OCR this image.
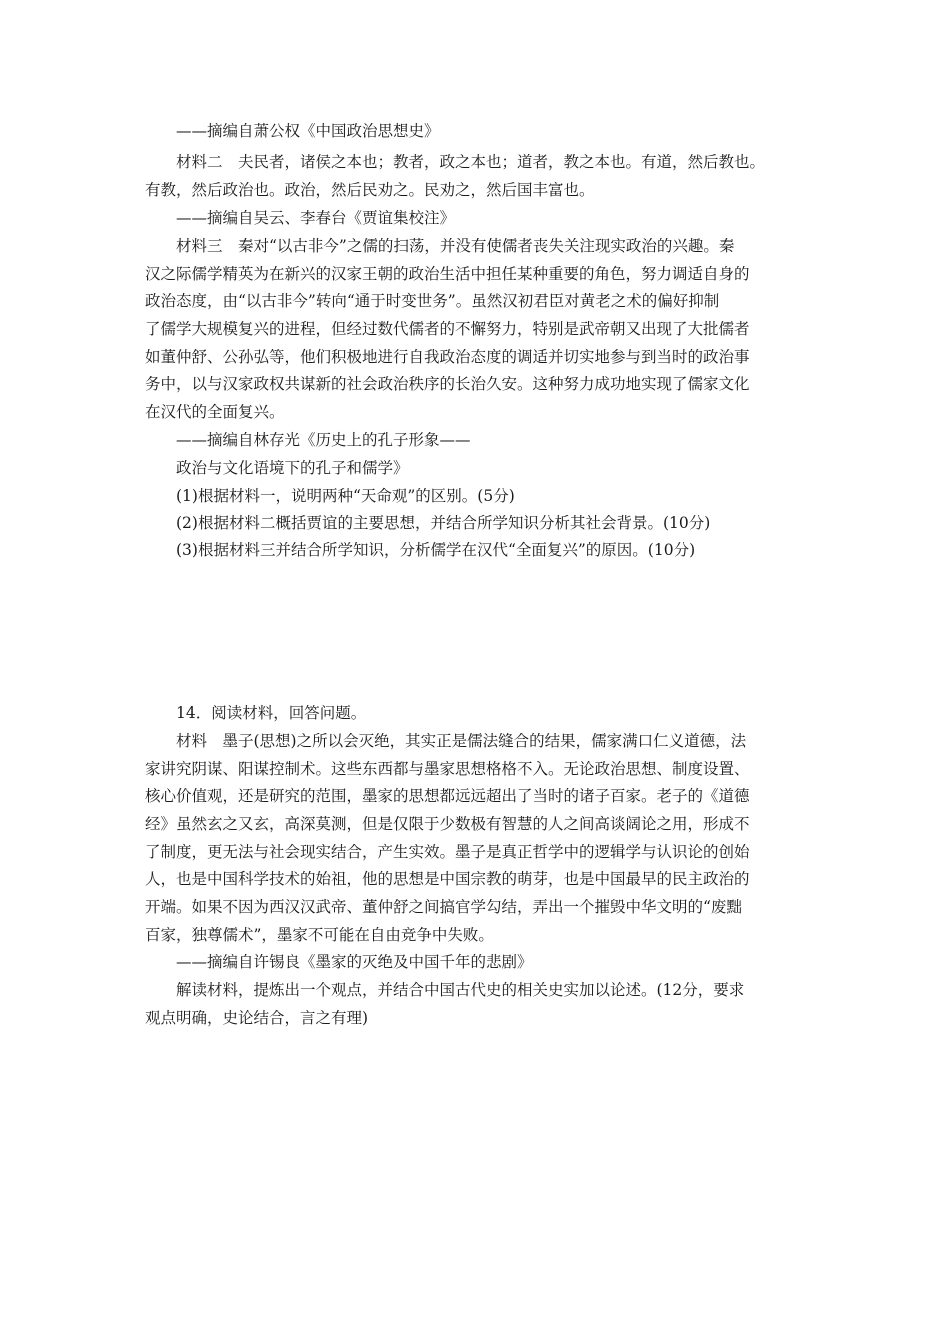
——摘编自萧公权《中国政治思想史》

材料二　夫民者，诸侯之本也；教者，政之本也；道者，教之本也。有道，然后教也。

有教，然后政治也。政治，然后民劝之。民劝之，然后国丰富也。

——摘编自吴云、李春台《贾谊集校注》

材料三　秦对“以古非今”之儒的扫荡，并没有使儒者丧失关注现实政治的兴趣。秦

汉之际儒学精英为在新兴的汉家王朝的政治生活中担任某种重要的角色，努力调适自身的

政治态度，由“以古非今”转向“通于时变世务”。虽然汉初君臣对黄老之术的偏好抑制

了儒学大规模复兴的进程，但经过数代儒者的不懈努力，特别是武帝朝又出现了大批儒者

如董仲舒、公孙弘等，他们积极地进行自我政治态度的调适并切实地参与到当时的政治事

务中，以与汉家政权共谋新的社会政治秩序的长治久安。这种努力成功地实现了儒家文化

在汉代的全面复兴。

——摘编自林存光《历史上的孔子形象——

政治与文化语境下的孔子和儒学》

(1)根据材料一，说明两种“天命观”的区别。(5分)

(2)根据材料二概括贾谊的主要思想，并结合所学知识分析其社会背景。(10分)

(3)根据材料三并结合所学知识，分析儒学在汉代“全面复兴”的原因。(10分)

14．阅读材料，回答问题。

材料　墨子(思想)之所以会灭绝，其实正是儒法缝合的结果，儒家满口仁义道德，法

家讲究阴谋、阳谋控制术。这些东西都与墨家思想格格不入。无论政治思想、制度设置、

核心价值观，还是研究的范围，墨家的思想都远远超出了当时的诸子百家。老子的《道德

经》虽然玄之又玄，高深莫测，但是仅限于少数极有智慧的人之间高谈阔论之用，形成不

了制度，更无法与社会现实结合，产生实效。墨子是真正哲学中的逻辑学与认识论的创始

人，也是中国科学技术的始祖，他的思想是中国宗教的萌芽，也是中国最早的民主政治的

开端。如果不因为西汉汉武帝、董仲舒之间搞官学勾结，弄出一个摧毁中华文明的“废黜

百家，独尊儒术”，墨家不可能在自由竞争中失败。

——摘编自许锡良《墨家的灭绝及中国千年的悲剧》

解读材料，提炼出一个观点，并结合中国古代史的相关史实加以论述。(12分，要求

观点明确，史论结合，言之有理)
